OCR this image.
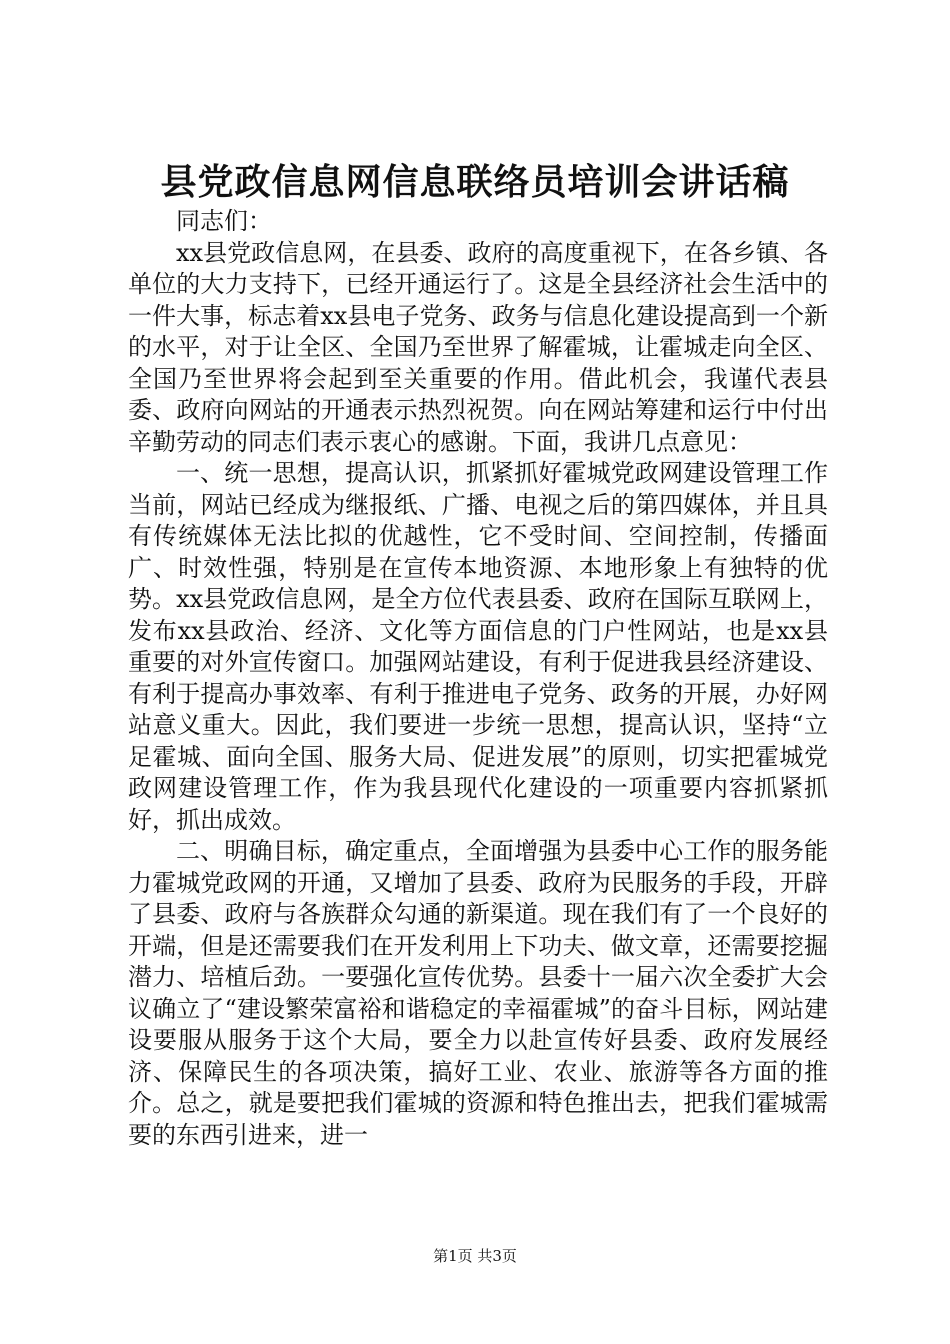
县党政信息网信息联络员培训会讲话稿

同志们：

xx县党政信息网，在县委、政府的高度重视下，在各乡镇、各单位的大力支持下，已经开通运行了。这是全县经济社会生活中的一件大事，标志着xx县电子党务、政务与信息化建设提高到一个新的水平，对于让全区、全国乃至世界了解霍城，让霍城走向全区、全国乃至世界将会起到至关重要的作用。借此机会，我谨代表县委、政府向网站的开通表示热烈祝贺。向在网站筹建和运行中付出辛勤劳动的同志们表示衷心的感谢。下面，我讲几点意见：

一、统一思想，提高认识，抓紧抓好霍城党政网建设管理工作当前，网站已经成为继报纸、广播、电视之后的第四媒体，并且具有传统媒体无法比拟的优越性，它不受时间、空间控制，传播面广、时效性强，特别是在宣传本地资源、本地形象上有独特的优势。xx县党政信息网，是全方位代表县委、政府在国际互联网上，发布xx县政治、经济、文化等方面信息的门户性网站，也是xx县重要的对外宣传窗口。加强网站建设，有利于促进我县经济建设、有利于提高办事效率、有利于推进电子党务、政务的开展，办好网站意义重大。因此，我们要进一步统一思想，提高认识，坚持“立足霍城、面向全国、服务大局、促进发展”的原则，切实把霍城党政网建设管理工作，作为我县现代化建设的一项重要内容抓紧抓好，抓出成效。

二、明确目标，确定重点，全面增强为县委中心工作的服务能力霍城党政网的开通，又增加了县委、政府为民服务的手段，开辟了县委、政府与各族群众勾通的新渠道。现在我们有了一个良好的开端，但是还需要我们在开发利用上下功夫、做文章，还需要挖掘潜力、培植后劲。一要强化宣传优势。县委十一届六次全委扩大会议确立了“建设繁荣富裕和谐稳定的幸福霍城”的奋斗目标，网站建设要服从服务于这个大局，要全力以赴宣传好县委、政府发展经济、保障民生的各项决策，搞好工业、农业、旅游等各方面的推介。总之，就是要把我们霍城的资源和特色推出去，把我们霍城需要的东西引进来，进一

第1页 共3页
